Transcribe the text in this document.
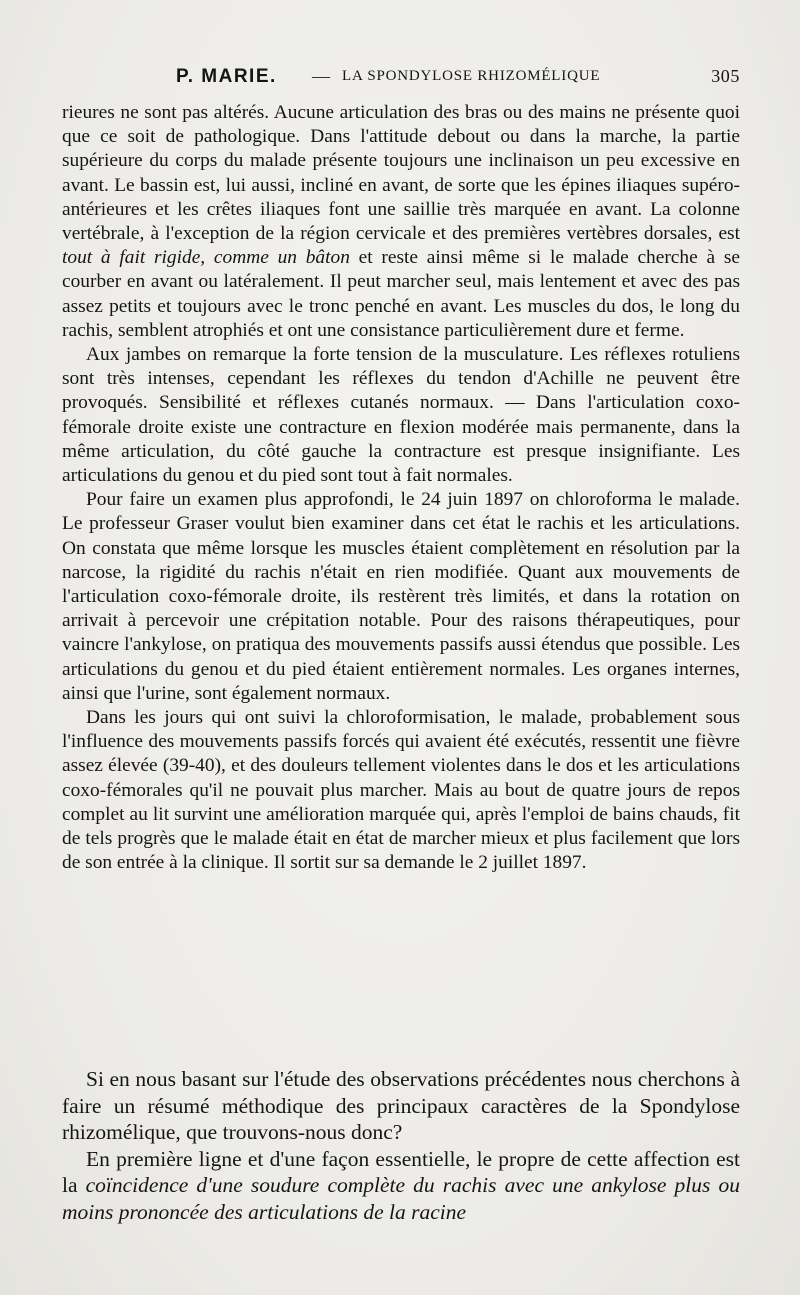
P. MARIE. — LA SPONDYLOSE RHIZOMÉLIQUE	305

rieures ne sont pas altérés. Aucune articulation des bras ou des mains ne présente quoi que ce soit de pathologique. Dans l'attitude debout ou dans la marche, la partie supérieure du corps du malade présente toujours une inclinaison un peu excessive en avant. Le bassin est, lui aussi, incliné en avant, de sorte que les épines iliaques supéro-antérieures et les crêtes iliaques font une saillie très marquée en avant. La colonne vertébrale, à l'exception de la région cervicale et des premières vertèbres dorsales, est tout à fait rigide, comme un bâton et reste ainsi même si le malade cherche à se courber en avant ou latéralement. Il peut marcher seul, mais lentement et avec des pas assez petits et toujours avec le tronc penché en avant. Les muscles du dos, le long du rachis, semblent atrophiés et ont une consistance particulièrement dure et ferme.

Aux jambes on remarque la forte tension de la musculature. Les réflexes rotuliens sont très intenses, cependant les réflexes du tendon d'Achille ne peuvent être provoqués. Sensibilité et réflexes cutanés normaux. — Dans l'articulation coxo-fémorale droite existe une contracture en flexion modérée mais permanente, dans la même articulation, du côté gauche la contracture est presque insignifiante. Les articulations du genou et du pied sont tout à fait normales.

Pour faire un examen plus approfondi, le 24 juin 1897 on chloroforma le malade. Le professeur Graser voulut bien examiner dans cet état le rachis et les articulations. On constata que même lorsque les muscles étaient complètement en résolution par la narcose, la rigidité du rachis n'était en rien modifiée. Quant aux mouvements de l'articulation coxo-fémorale droite, ils restèrent très limités, et dans la rotation on arrivait à percevoir une crépitation notable. Pour des raisons thérapeutiques, pour vaincre l'ankylose, on pratiqua des mouvements passifs aussi étendus que possible. Les articulations du genou et du pied étaient entièrement normales. Les organes internes, ainsi que l'urine, sont également normaux.

Dans les jours qui ont suivi la chloroformisation, le malade, probablement sous l'influence des mouvements passifs forcés qui avaient été exécutés, ressentit une fièvre assez élevée (39-40), et des douleurs tellement violentes dans le dos et les articulations coxo-fémorales qu'il ne pouvait plus marcher. Mais au bout de quatre jours de repos complet au lit survint une amélioration marquée qui, après l'emploi de bains chauds, fit de tels progrès que le malade était en état de marcher mieux et plus facilement que lors de son entrée à la clinique. Il sortit sur sa demande le 2 juillet 1897.

Si en nous basant sur l'étude des observations précédentes nous cherchons à faire un résumé méthodique des principaux caractères de la Spondylose rhizomélique, que trouvons-nous donc?

En première ligne et d'une façon essentielle, le propre de cette affection est la coïncidence d'une soudure complète du rachis avec une ankylose plus ou moins prononcée des articulations de la racine
